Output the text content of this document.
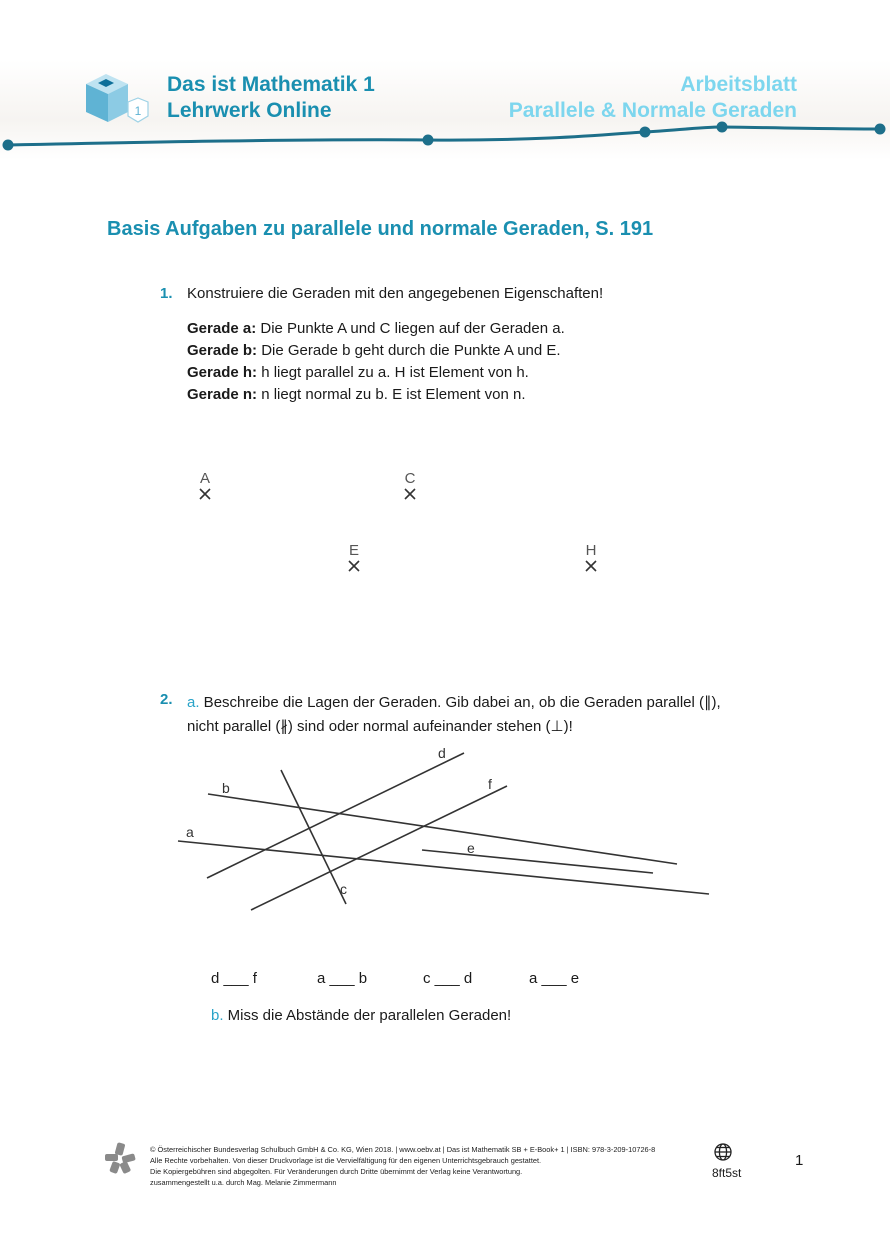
1
Das ist Mathematik 1
Lehrwerk Online
Arbeitsblatt
Parallele & Normale Geraden
Basis Aufgaben zu parallele und normale Geraden, S. 191
1. Konstruiere die Geraden mit den angegebenen Eigenschaften!
Gerade a: Die Punkte A und C liegen auf der Geraden a.
Gerade b: Die Gerade b geht durch die Punkte A und E.
Gerade h: h liegt parallel zu a. H ist Element von h.
Gerade n: n liegt normal zu b. E ist Element von n.
A	C
E	H
2. a. Beschreibe die Lagen der Geraden. Gib dabei an, ob die Geraden parallel (∥),
nicht parallel (∦) sind oder normal aufeinander stehen (⊥)!
a
b
c
d
e
f
d ___ f	a ___ b	c ___ d	a ___ e
b. Miss die Abstände der parallelen Geraden!
© Österreichischer Bundesverlag Schulbuch GmbH & Co. KG, Wien 2018. | www.oebv.at | Das ist Mathematik SB + E-Book+ 1 | ISBN: 978-3-209-10726-8
Alle Rechte vorbehalten. Von dieser Druckvorlage ist die Vervielfältigung für den eigenen Unterrichtsgebrauch gestattet.
Die Kopiergebühren sind abgegolten. Für Veränderungen durch Dritte übernimmt der Verlag keine Verantwortung.
zusammengestellt u.a. durch Mag. Melanie Zimmermann
8ft5st
1
